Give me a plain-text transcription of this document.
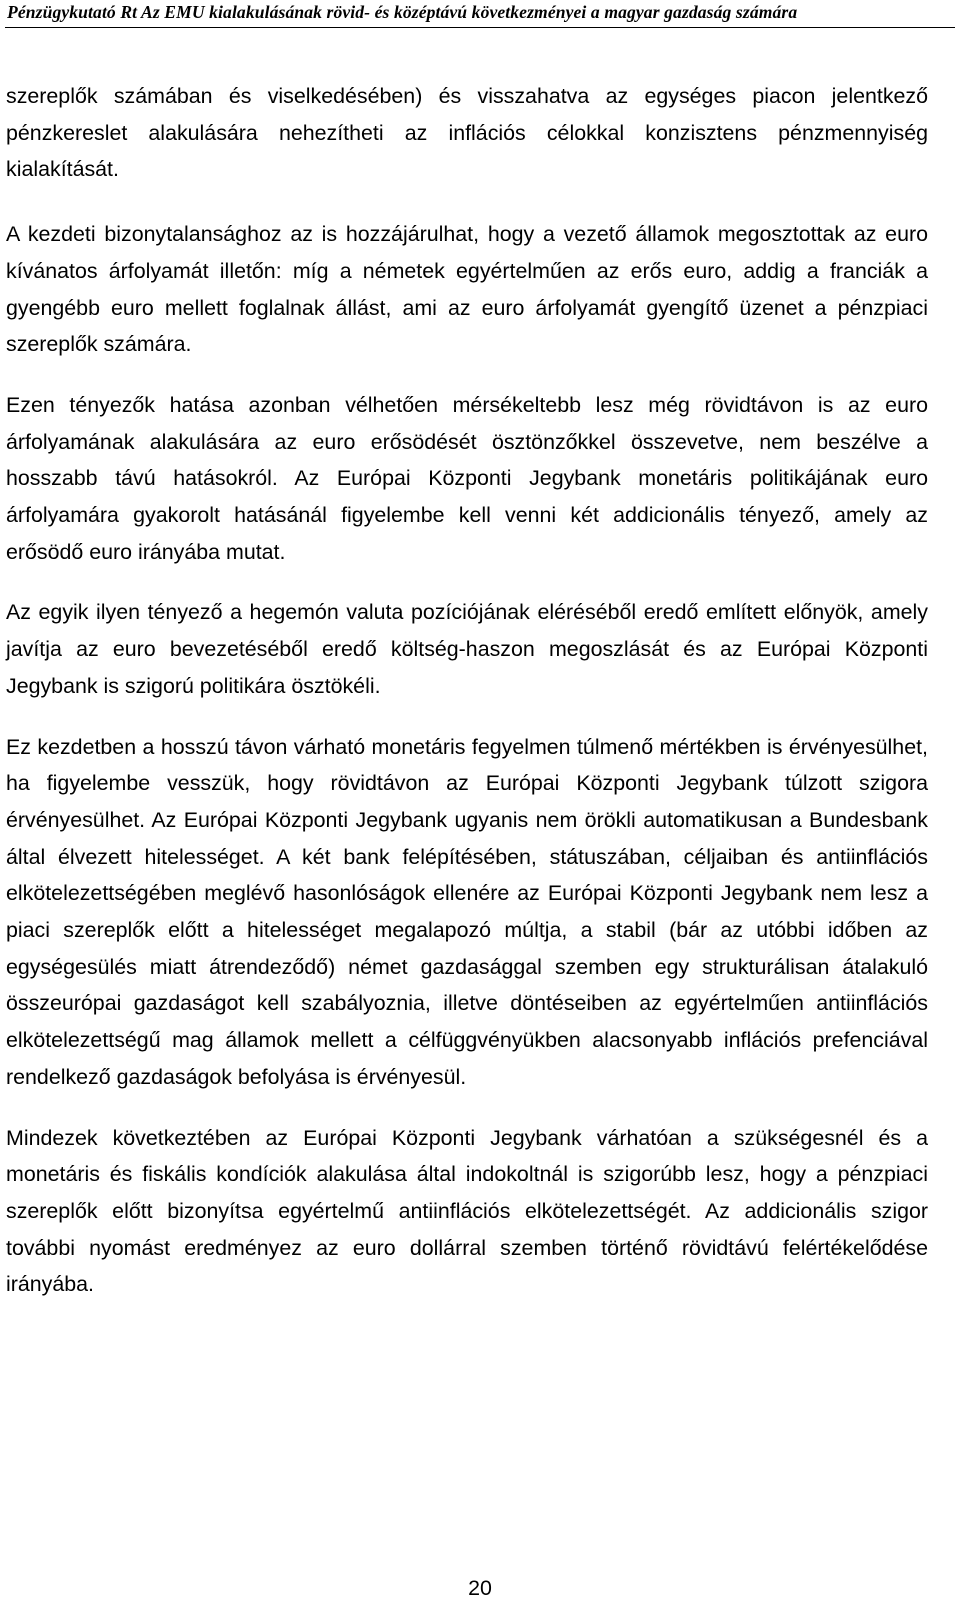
Pénzügykutató Rt Az EMU kialakulásának rövid- és középtávú következményei a magyar gazdaság számára

szereplők számában és viselkedésében) és visszahatva az egységes piacon jelentkező pénzkereslet alakulására nehezítheti az inflációs célokkal konzisztens pénzmennyiség kialakítását.

A kezdeti bizonytalansághoz az is hozzájárulhat, hogy a vezető államok megosztottak az euro kívánatos árfolyamát illetőn: míg a németek egyértelműen az erős euro, addig a franciák a gyengébb euro mellett foglalnak állást, ami az euro árfolyamát gyengítő üzenet a pénzpiaci szereplők számára.

Ezen tényezők hatása azonban vélhetően mérsékeltebb lesz még rövidtávon is az euro árfolyamának alakulására az euro erősödését ösztönzőkkel összevetve, nem beszélve a hosszabb távú hatásokról. Az Európai Központi Jegybank monetáris politikájának euro árfolyamára gyakorolt hatásánál figyelembe kell venni két addicionális tényező, amely az erősödő euro irányába mutat.

Az egyik ilyen tényező a hegemón valuta pozíciójának eléréséből eredő említett előnyök, amely javítja az euro bevezetéséből eredő költség-haszon megoszlását és az Európai Központi Jegybank is szigorú politikára ösztökéli.

Ez kezdetben a hosszú távon várható monetáris fegyelmen túlmenő mértékben is érvényesülhet, ha figyelembe vesszük, hogy rövidtávon az Európai Központi Jegybank túlzott szigora érvényesülhet. Az Európai Központi Jegybank ugyanis nem örökli automatikusan a Bundesbank által élvezett hitelességet. A két bank felépítésében, státuszában, céljaiban és antiinflációs elkötelezettségében meglévő hasonlóságok ellenére az Európai Központi Jegybank nem lesz a piaci szereplők előtt a hitelességet megalapozó múltja, a stabil (bár az utóbbi időben az egységesülés miatt átrendeződő) német gazdasággal szemben egy strukturálisan átalakuló összeurópai gazdaságot kell szabályoznia, illetve döntéseiben az egyértelműen antiinflációs elkötelezettségű mag államok mellett a célfüggvényükben alacsonyabb inflációs prefenciával rendelkező gazdaságok befolyása is érvényesül.

Mindezek következtében az Európai Központi Jegybank várhatóan a szükségesnél és a monetáris és fiskális kondíciók alakulása által indokoltnál is szigorúbb lesz, hogy a pénzpiaci szereplők előtt bizonyítsa egyértelmű antiinflációs elkötelezettségét. Az addicionális szigor további nyomást eredményez az euro dollárral szemben történő rövidtávú felértékelődése irányába.

20
